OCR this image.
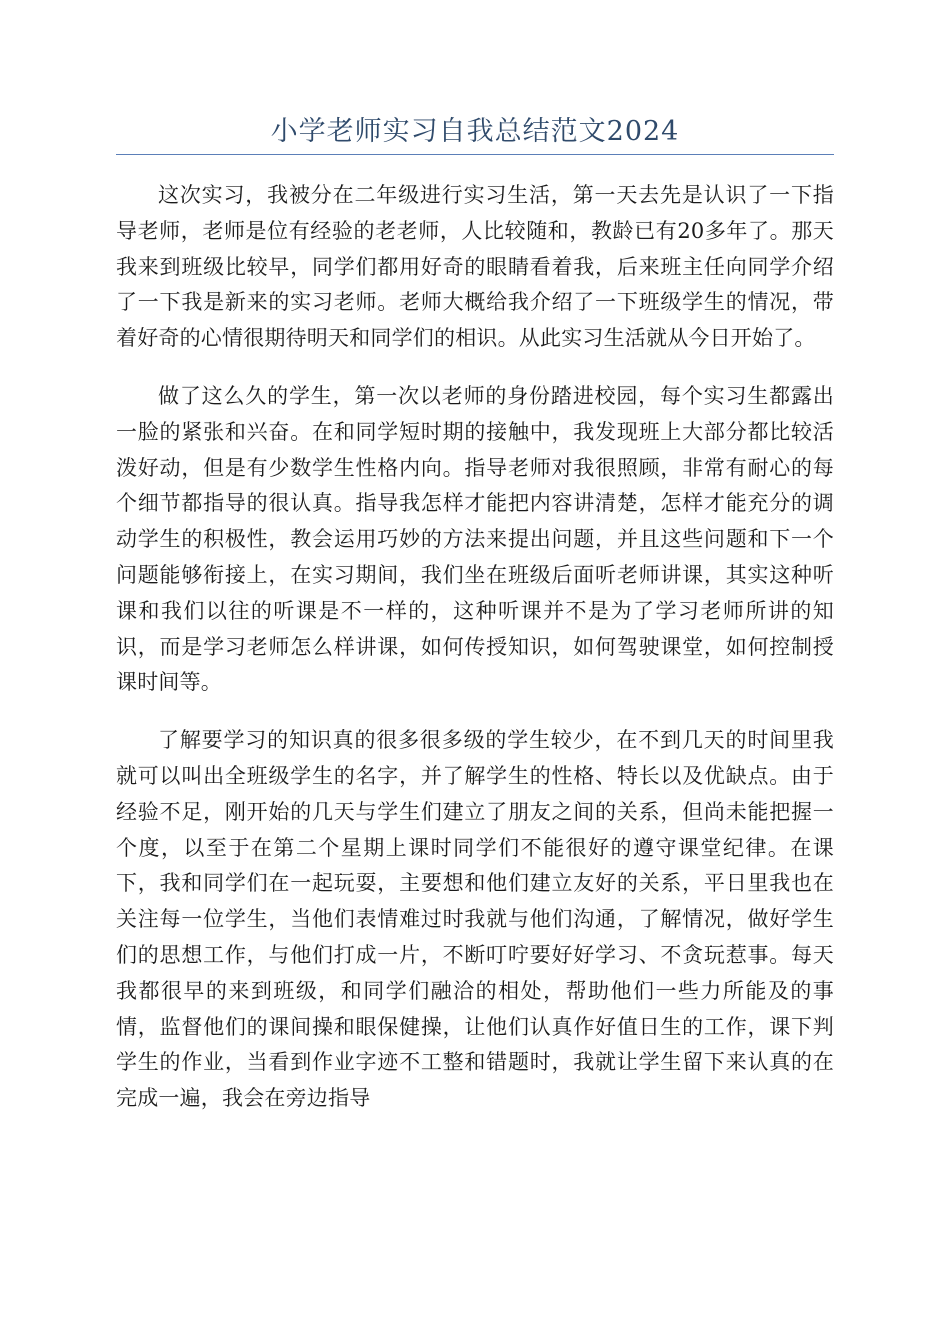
小学老师实习自我总结范文2024

这次实习，我被分在二年级进行实习生活，第一天去先是认识了一下指导老师，老师是位有经验的老老师，人比较随和，教龄已有20多年了。那天我来到班级比较早，同学们都用好奇的眼睛看着我，后来班主任向同学介绍了一下我是新来的实习老师。老师大概给我介绍了一下班级学生的情况，带着好奇的心情很期待明天和同学们的相识。从此实习生活就从今日开始了。

做了这么久的学生，第一次以老师的身份踏进校园，每个实习生都露出一脸的紧张和兴奋。在和同学短时期的接触中，我发现班上大部分都比较活泼好动，但是有少数学生性格内向。指导老师对我很照顾，非常有耐心的每个细节都指导的很认真。指导我怎样才能把内容讲清楚，怎样才能充分的调动学生的积极性，教会运用巧妙的方法来提出问题，并且这些问题和下一个问题能够衔接上，在实习期间，我们坐在班级后面听老师讲课，其实这种听课和我们以往的听课是不一样的，这种听课并不是为了学习老师所讲的知识，而是学习老师怎么样讲课，如何传授知识，如何驾驶课堂，如何控制授课时间等。

了解要学习的知识真的很多很多级的学生较少，在不到几天的时间里我就可以叫出全班级学生的名字，并了解学生的性格、特长以及优缺点。由于经验不足，刚开始的几天与学生们建立了朋友之间的关系，但尚未能把握一个度，以至于在第二个星期上课时同学们不能很好的遵守课堂纪律。在课下，我和同学们在一起玩耍，主要想和他们建立友好的关系，平日里我也在关注每一位学生，当他们表情难过时我就与他们沟通，了解情况，做好学生们的思想工作，与他们打成一片，不断叮咛要好好学习、不贪玩惹事。每天我都很早的来到班级，和同学们融洽的相处，帮助他们一些力所能及的事情，监督他们的课间操和眼保健操，让他们认真作好值日生的工作，课下判学生的作业，当看到作业字迹不工整和错题时，我就让学生留下来认真的在完成一遍，我会在旁边指导
